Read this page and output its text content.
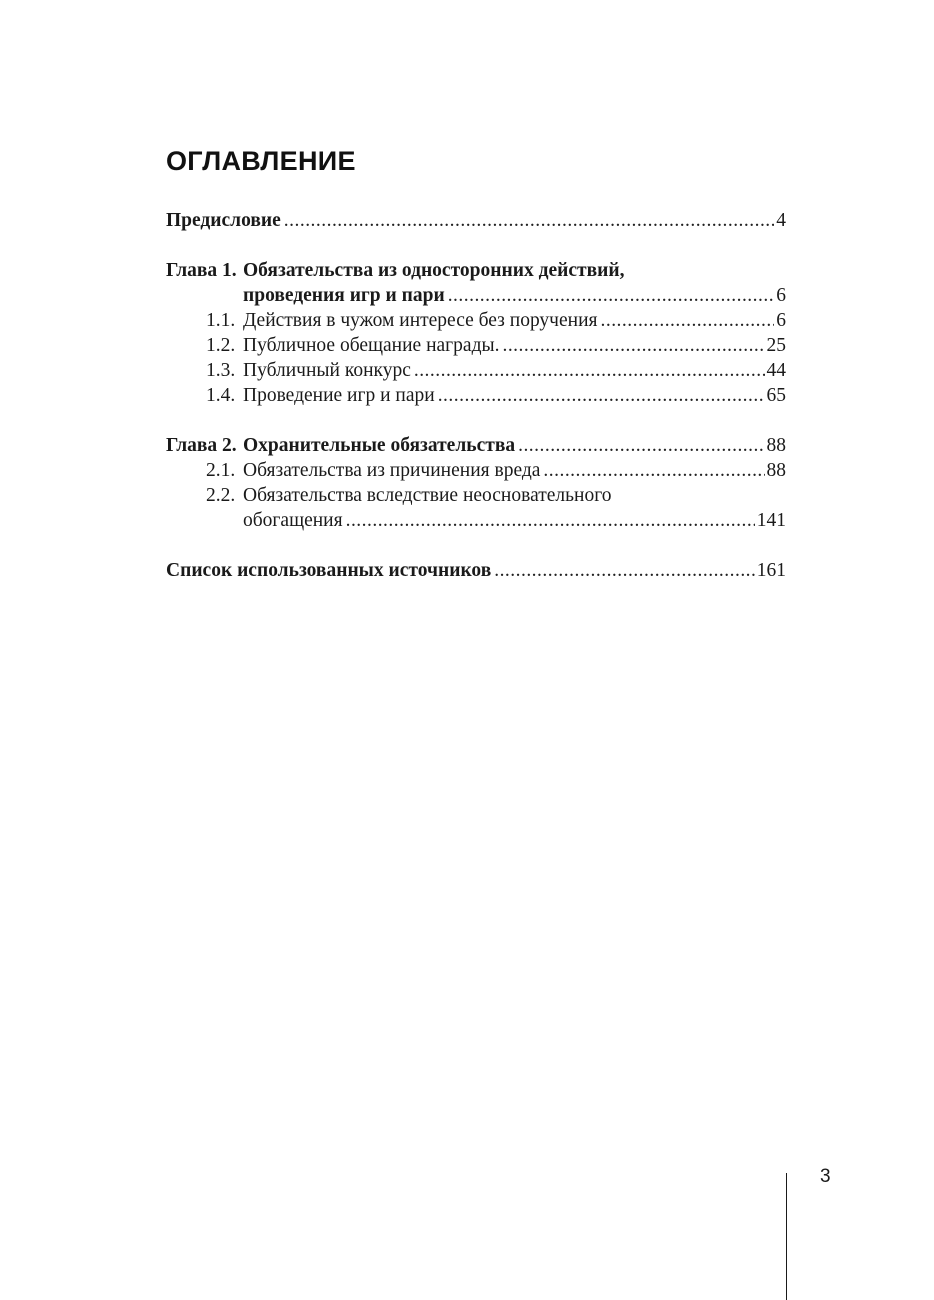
ОГЛАВЛЕНИЕ
Предисловие . . .	4
Глава 1. Обязательства из односторонних действий,
проведения игр и пари . . .	6
1.1. Действия в чужом интересе без поручения . . .	6
1.2. Публичное обещание награды. . . .	25
1.3. Публичный конкурс . . .	44
1.4. Проведение игр и пари . . .	65
Глава 2. Охранительные обязательства . . .	88
2.1. Обязательства из причинения вреда . . .	88
2.2. Обязательства вследствие неосновательного
обогащения . . .	141
Список использованных источников . . .	161
3
